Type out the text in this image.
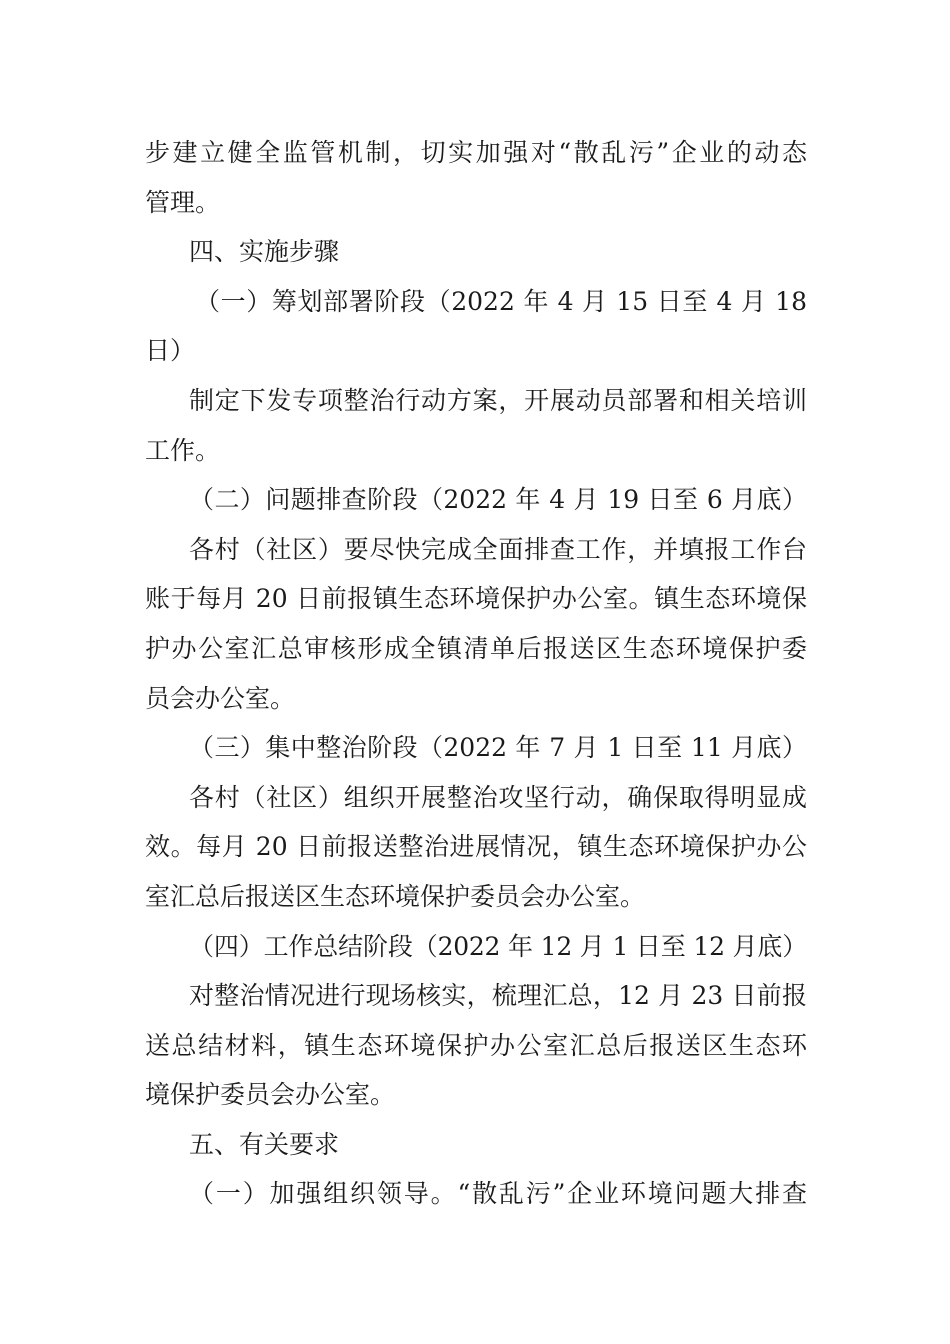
步建立健全监管机制，切实加强对“散乱污”企业的动态
管理。
四、实施步骤
（一）筹划部署阶段（2022 年 4 月 15 日至 4 月 18
日）
制定下发专项整治行动方案，开展动员部署和相关培训
工作。
（二）问题排查阶段（2022 年 4 月 19 日至 6 月底）
各村（社区）要尽快完成全面排查工作，并填报工作台
账于每月 20 日前报镇生态环境保护办公室。镇生态环境保
护办公室汇总审核形成全镇清单后报送区生态环境保护委
员会办公室。
（三）集中整治阶段（2022 年 7 月 1 日至 11 月底）
各村（社区）组织开展整治攻坚行动，确保取得明显成
效。每月 20 日前报送整治进展情况，镇生态环境保护办公
室汇总后报送区生态环境保护委员会办公室。
（四）工作总结阶段（2022 年 12 月 1 日至 12 月底）
对整治情况进行现场核实，梳理汇总，12 月 23 日前报
送总结材料，镇生态环境保护办公室汇总后报送区生态环
境保护委员会办公室。
五、有关要求
（一）加强组织领导。“散乱污”企业环境问题大排查
